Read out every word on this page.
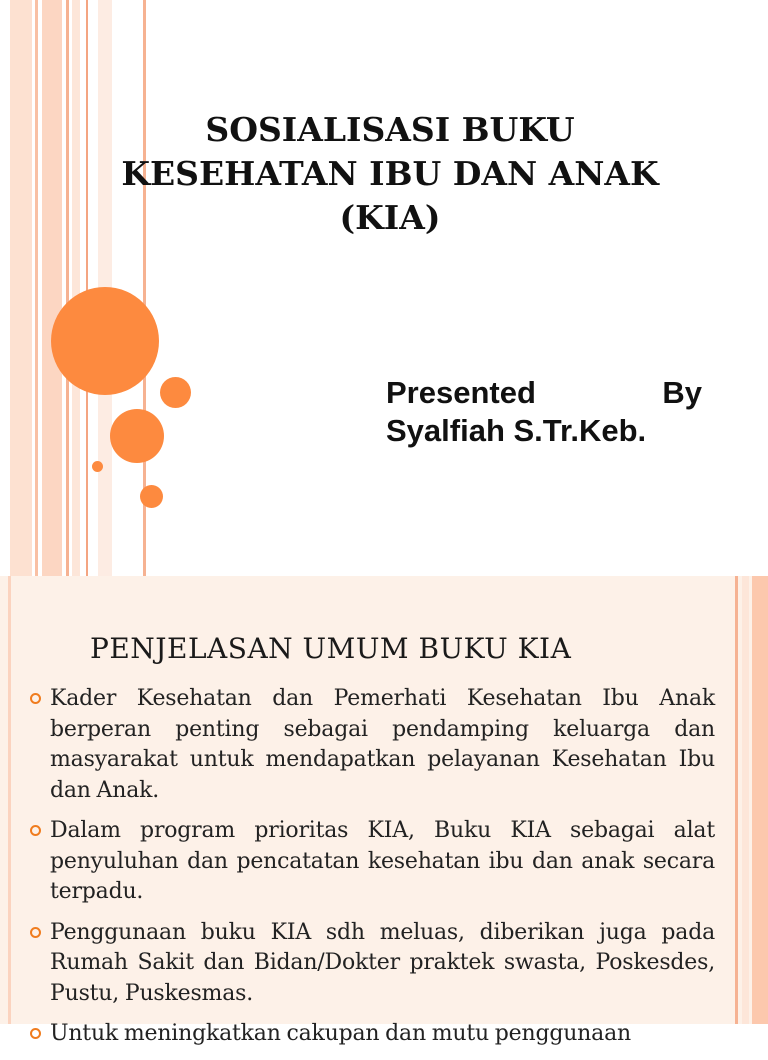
SOSIALISASI BUKU
KESEHATAN IBU DAN ANAK
(KIA)
Presented	By
Syalfiah S.Tr.Keb.
PENJELASAN UMUM BUKU KIA
Kader Kesehatan dan Pemerhati Kesehatan Ibu Anak berperan penting sebagai pendamping keluarga dan masyarakat untuk mendapatkan pelayanan Kesehatan Ibu dan Anak.
Dalam program prioritas KIA, Buku KIA sebagai alat penyuluhan dan pencatatan kesehatan ibu dan anak secara terpadu.
Penggunaan buku KIA sdh meluas, diberikan juga pada Rumah Sakit dan Bidan/Dokter praktek swasta, Poskesdes, Pustu, Puskesmas.
Untuk meningkatkan cakupan dan mutu penggunaan
